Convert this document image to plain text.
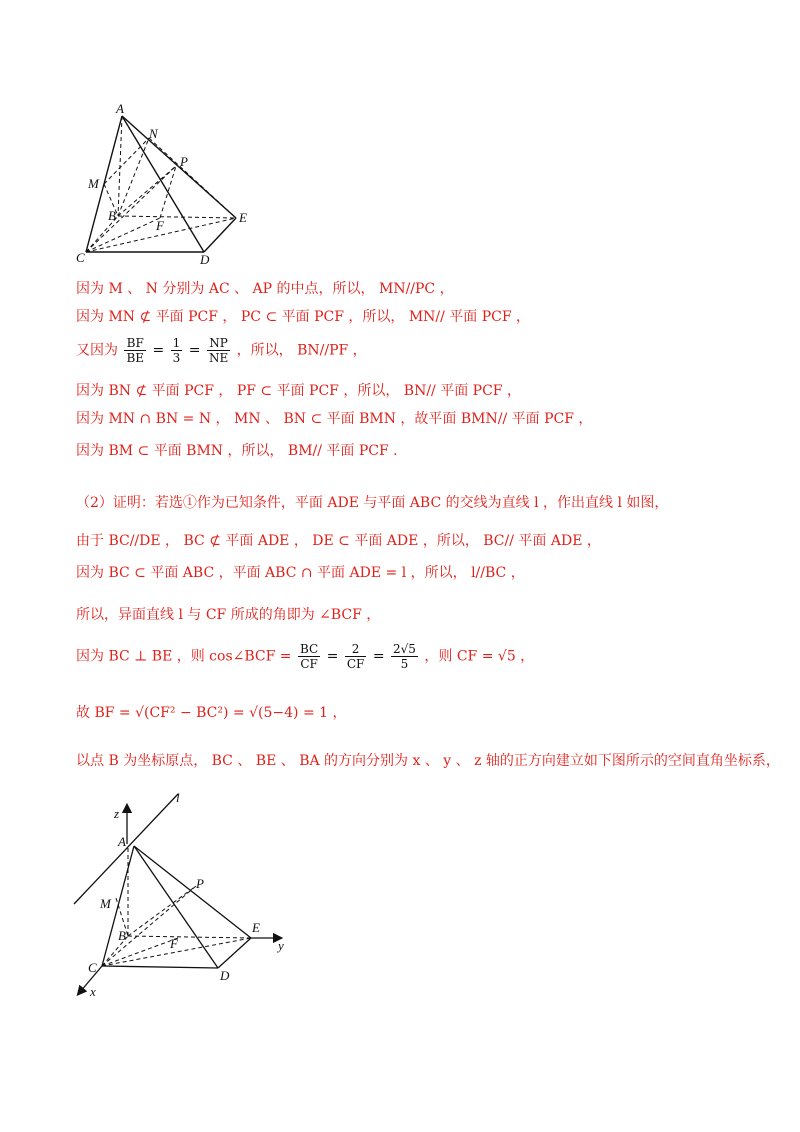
A
N
P
M
B
F
E
C	D
因为 M 、 N 分别为 AC 、 AP 的中点，所以， MN//PC ，
因为 MN ⊄ 平面 PCF ， PC ⊂ 平面 PCF ，所以， MN// 平面 PCF ，
又因为 $\frac{BF}{BE} = \frac{1}{3} = \frac{NP}{NE}$ ，所以， BN//PF ，
因为 BN ⊄ 平面 PCF ， PF ⊂ 平面 PCF ，所以， BN// 平面 PCF ，
因为 MN ∩ BN = N ， MN 、 BN ⊂ 平面 BMN ，故平面 BMN// 平面 PCF ，
因为 BM ⊂ 平面 BMN ，所以， BM// 平面 PCF .
（2）证明：若选①作为已知条件，平面 ADE 与平面 ABC 的交线为直线 l ，作出直线 l 如图，
由于 BC//DE ， BC ⊄ 平面 ADE ， DE ⊂ 平面 ADE ，所以， BC// 平面 ADE ，
因为 BC ⊂ 平面 ABC ，平面 ABC ∩ 平面 ADE = l ，所以， l//BC ，
所以，异面直线 l 与 CF 所成的角即为 ∠BCF ，
因为 BC ⊥ BE ，则 cos∠BCF = $\frac{BC}{CF} = \frac{2}{CF} = \frac{2√5}{5}$ ，则 CF = √5 ，
故 BF = √(CF² − BC²) = √(5−4) = 1 ，
以点 B 为坐标原点， BC 、 BE 、 BA 的方向分别为 x 、 y 、 z 轴的正方向建立如下图所示的空间直角坐标系，
l
z
A
P
M
B
F
E
y
C
D
x
